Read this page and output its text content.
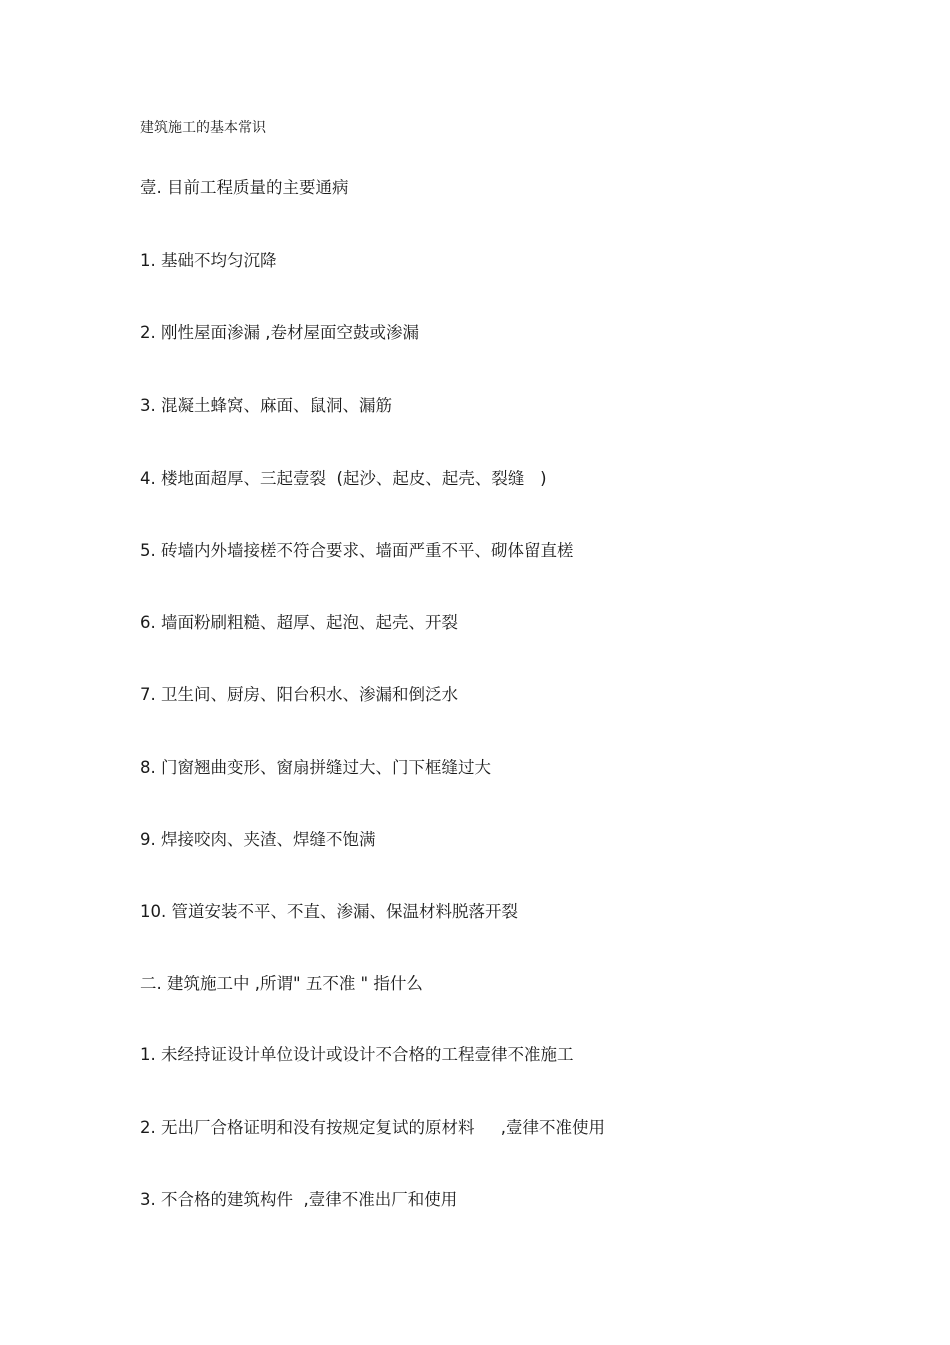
建筑施工的基本常识
壹. 目前工程质量的主要通病
1. 基础不均匀沉降
2. 刚性屋面渗漏 ,卷材屋面空鼓或渗漏
3. 混凝土蜂窝、麻面、鼠洞、漏筋
4. 楼地面超厚、三起壹裂  (起沙、起皮、起壳、裂缝   )
5. 砖墙内外墙接槎不符合要求、墙面严重不平、砌体留直槎
6. 墙面粉刷粗糙、超厚、起泡、起壳、开裂
7. 卫生间、厨房、阳台积水、渗漏和倒泛水
8. 门窗翘曲变形、窗扇拼缝过大、门下框缝过大
9. 焊接咬肉、夹渣、焊缝不饱满
10. 管道安装不平、不直、渗漏、保温材料脱落开裂
二. 建筑施工中 ,所谓" 五不准 " 指什么
1. 未经持证设计单位设计或设计不合格的工程壹律不准施工
2. 无出厂合格证明和没有按规定复试的原材料     ,壹律不准使用
3. 不合格的建筑构件  ,壹律不准出厂和使用
